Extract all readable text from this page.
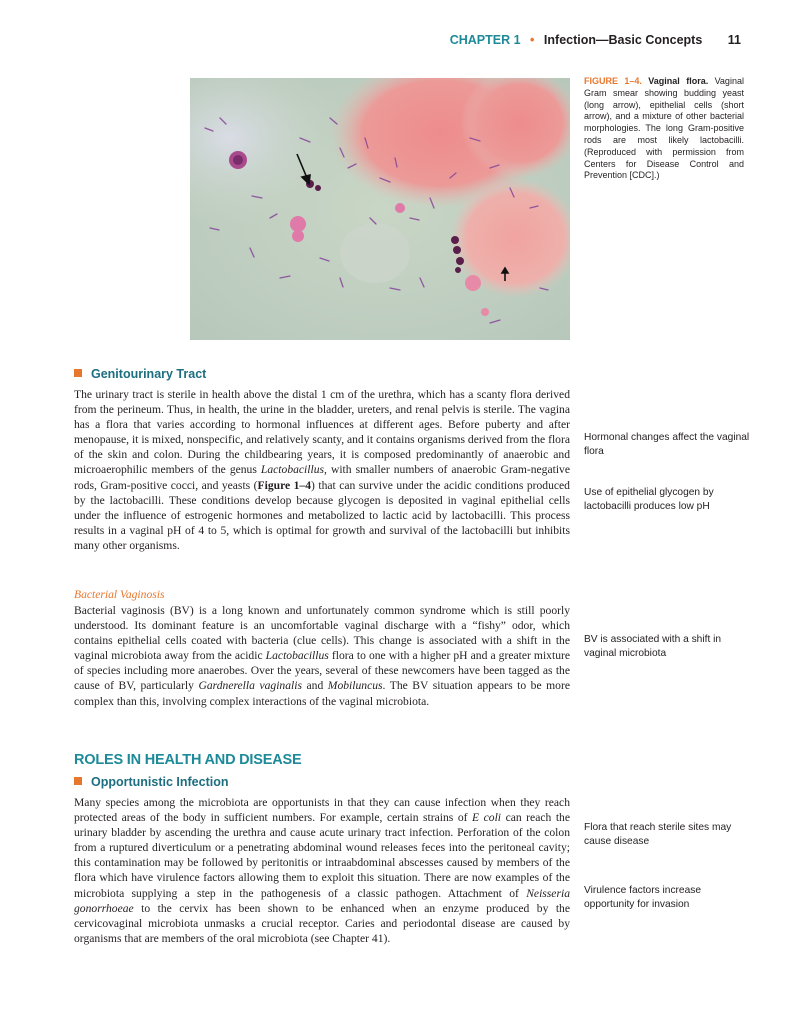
CHAPTER 1 • Infection—Basic Concepts 11
FIGURE 1–4. Vaginal flora. Vaginal Gram smear showing budding yeast (long arrow), epithelial cells (short arrow), and a mixture of other bacterial morphologies. The long Gram-positive rods are most likely lactobacilli. (Reproduced with permission from Centers for Disease Control and Prevention [CDC].)
Genitourinary Tract
The urinary tract is sterile in health above the distal 1 cm of the urethra, which has a scanty flora derived from the perineum. Thus, in health, the urine in the bladder, ureters, and renal pelvis is sterile. The vagina has a flora that varies according to hormonal influences at different ages. Before puberty and after menopause, it is mixed, nonspecific, and relatively scanty, and it contains organisms derived from the flora of the skin and colon. During the childbearing years, it is composed predominantly of anaerobic and microaerophilic members of the genus Lactobacillus, with smaller numbers of anaerobic Gram-negative rods, Gram-positive cocci, and yeasts (Figure 1–4) that can survive under the acidic conditions produced by the lactobacilli. These conditions develop because glycogen is deposited in vaginal epithelial cells under the influence of estrogenic hormones and metabolized to lactic acid by lactobacilli. This process results in a vaginal pH of 4 to 5, which is optimal for growth and survival of the lactobacilli but inhibits many other organisms.
Bacterial Vaginosis
Bacterial vaginosis (BV) is a long known and unfortunately common syndrome which is still poorly understood. Its dominant feature is an uncomfortable vaginal discharge with a “fishy” odor, which contains epithelial cells coated with bacteria (clue cells). This change is associated with a shift in the vaginal microbiota away from the acidic Lactobacillus flora to one with a higher pH and a greater mixture of species including more anaerobes. Over the years, several of these newcomers have been tagged as the cause of BV, particularly Gardnerella vaginalis and Mobiluncus. The BV situation appears to be more complex than this, involving complex interactions of the vaginal microbiota.
ROLES IN HEALTH AND DISEASE
Opportunistic Infection
Many species among the microbiota are opportunists in that they can cause infection when they reach protected areas of the body in sufficient numbers. For example, certain strains of E coli can reach the urinary bladder by ascending the urethra and cause acute urinary tract infection. Perforation of the colon from a ruptured diverticulum or a penetrating abdominal wound releases feces into the peritoneal cavity; this contamination may be followed by peritonitis or intraabdominal abscesses caused by members of the flora which have virulence factors allowing them to exploit this situation. There are now examples of the microbiota supplying a step in the pathogenesis of a classic pathogen. Attachment of Neisseria gonorrhoeae to the cervix has been shown to be enhanced when an enzyme produced by the cervicovaginal microbiota unmasks a crucial receptor. Caries and periodontal disease are caused by organisms that are members of the oral microbiota (see Chapter 41).
Hormonal changes affect the vaginal flora
Use of epithelial glycogen by lactobacilli produces low pH
BV is associated with a shift in vaginal microbiota
Flora that reach sterile sites may cause disease
Virulence factors increase opportunity for invasion
